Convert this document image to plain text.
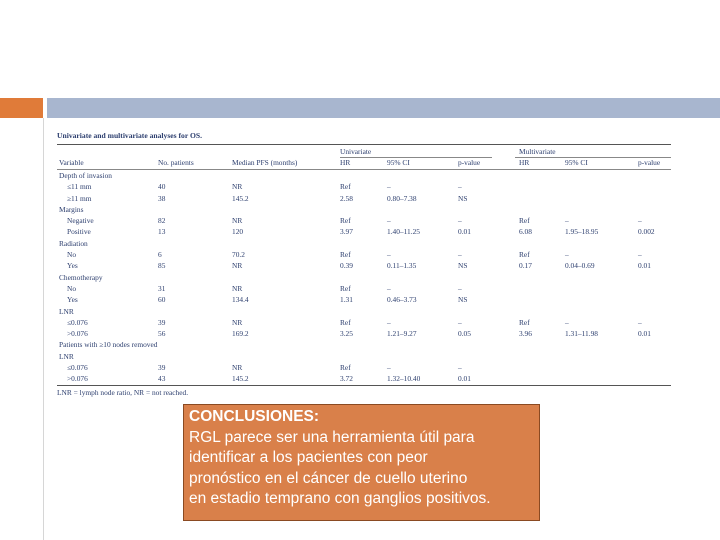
Univariate and multivariate analyses for OS.
Univariate	Multivariate
Variable	No. patients	Median PFS (months)	HR	95% CI	p-value	HR	95% CI	p-value
Depth of invasion
≤11 mm	40	NR	Ref	–	–
≥11 mm	38	145.2	2.58	0.80–7.38	NS
Margins
Negative	82	NR	Ref	–	–	Ref	–	–
Positive	13	120	3.97	1.40–11.25	0.01	6.08	1.95–18.95	0.002
Radiation
No	6	70.2	Ref	–	–	Ref	–	–
Yes	85	NR	0.39	0.11–1.35	NS	0.17	0.04–0.69	0.01
Chemotherapy
No	31	NR	Ref	–	–
Yes	60	134.4	1.31	0.46–3.73	NS
LNR
≤0.076	39	NR	Ref	–	–	Ref	–	–
>0.076	56	169.2	3.25	1.21–9.27	0.05	3.96	1.31–11.98	0.01
Patients with ≥10 nodes removed
LNR
≤0.076	39	NR	Ref	–	–
>0.076	43	145.2	3.72	1.32–10.40	0.01
LNR = lymph node ratio, NR = not reached.
CONCLUSIONES:
RGL parece ser una herramienta útil para
identificar a los pacientes con peor
pronóstico en el cáncer de cuello uterino
en estadio temprano con ganglios positivos.
